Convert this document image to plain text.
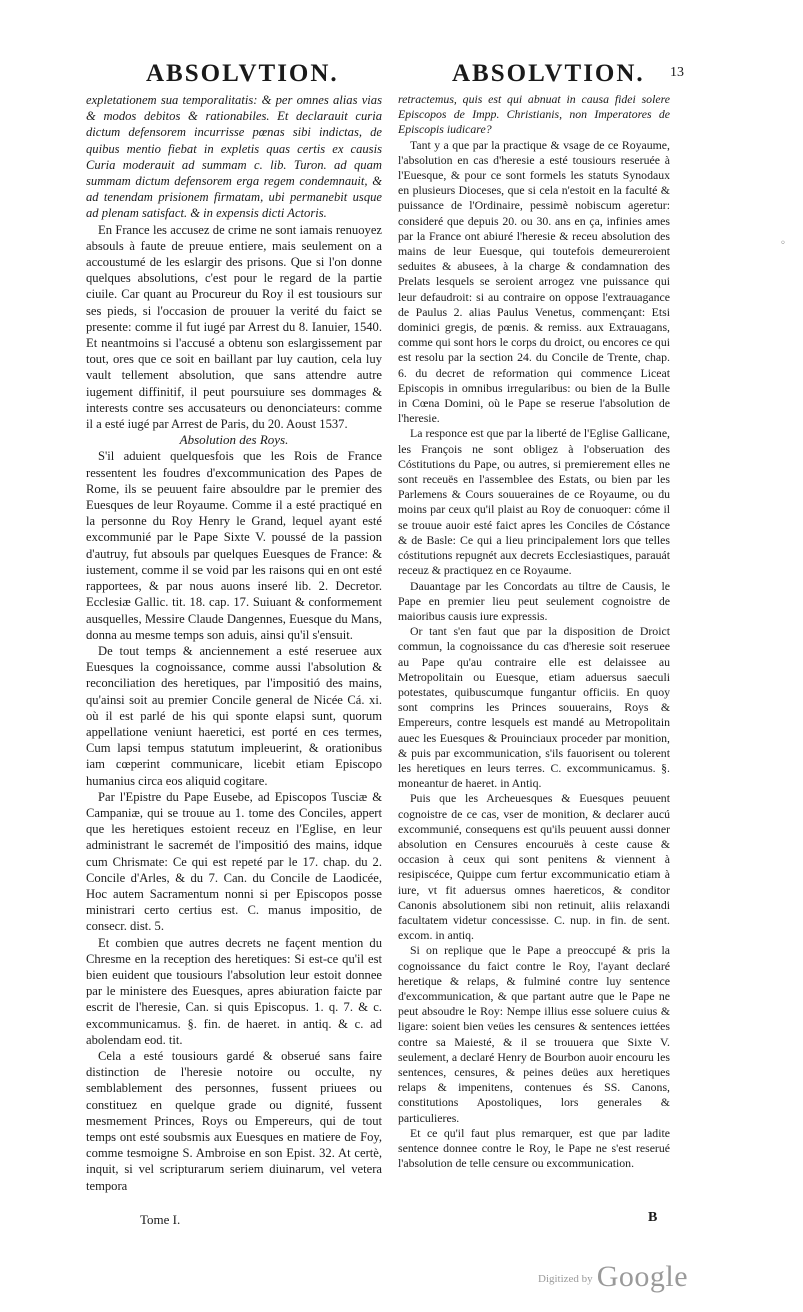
ABSOLVTION.	ABSOLVTION. 13

expletationem sua temporalitatis: & per omnes alias vias & modos debitos & rationabiles. Et declarauit curia dictum defensorem incurrisse pœnas sibi indictas, de quibus mentio fiebat in expletis quas certis ex causis Curia moderauit ad summam c. lib. Turon. ad quam summam dictum defensorem erga regem condemnauit, & ad tenendam prisionem firmatam, ubi permanebit usque ad plenam satisfact. & in expensis dicti Actoris.

En France les accusez de crime ne sont iamais renuoyez absouls à faute de preuue entiere, mais seulement on a accoustumé de les eslargir des prisons. Que si l'on donne quelques absolutions, c'est pour le regard de la partie ciuile. Car quant au Procureur du Roy il est tousiours sur ses pieds, si l'occasion de prouuer la verité du faict se presente: comme il fut iugé par Arrest du 8. Ianuier, 1540. Et neantmoins si l'accusé a obtenu son eslargissement par tout, ores que ce soit en baillant par luy caution, cela luy vault tellement absolution, que sans attendre autre iugement diffinitif, il peut poursuiure ses dommages & interests contre ses accusateurs ou denonciateurs: comme il a esté iugé par Arrest de Paris, du 20. Aoust 1537.

Absolution des Roys.

S'il aduient quelquesfois que les Rois de France ressentent les foudres d'excommunication des Papes de Rome, ils se peuuent faire absouldre par le premier des Euesques de leur Royaume. Comme il a esté practiqué en la personne du Roy Henry le Grand, lequel ayant esté excommunié par le Pape Sixte V. poussé de la passion d'autruy, fut absouls par quelques Euesques de France: & iustement, comme il se void par les raisons qui en ont esté rapportees, & par nous auons inseré lib. 2. Decretor. Ecclesiæ Gallic. tit. 18. cap. 17. Suiuant & conformement ausquelles, Messire Claude Dangennes, Euesque du Mans, donna au mesme temps son aduis, ainsi qu'il s'ensuit.

De tout temps & anciennement a esté reseruee aux Euesques la cognoissance, comme aussi l'absolution & reconciliation des heretiques, par l'impositió des mains, qu'ainsi soit au premier Concile general de Nicée Cá. xi. où il est parlé de his qui sponte elapsi sunt, quorum appellatione veniunt haeretici, est porté en ces termes, Cum lapsi tempus statutum impleuerint, & orationibus iam cœperint communicare, licebit etiam Episcopo humanius circa eos aliquid cogitare.

Par l'Epistre du Pape Eusebe, ad Episcopos Tusciæ & Campaniæ, qui se trouue au 1. tome des Conciles, appert que les heretiques estoient receuz en l'Eglise, en leur administrant le sacremét de l'impositió des mains, idque cum Chrismate: Ce qui est repeté par le 17. chap. du 2. Concile d'Arles, & du 7. Can. du Concile de Laodicée, Hoc autem Sacramentum nonni si per Episcopos posse ministrari certo certius est. C. manus impositio, de consecr. dist. 5.

Et combien que autres decrets ne façent mention du Chresme en la reception des heretiques: Si est-ce qu'il est bien euident que tousiours l'absolution leur estoit donnee par le ministere des Euesques, apres abiuration faicte par escrit de l'heresie, Can. si quis Episcopus. 1. q. 7. & c. excommunicamus. §. fin. de haeret. in antiq. & c. ad abolendam eod. tit.

Cela a esté tousiours gardé & obserué sans faire distinction de l'heresie notoire ou occulte, ny semblablement des personnes, fussent priuees ou constituez en quelque grade ou dignité, fussent mesmement Princes, Roys ou Empereurs, qui de tout temps ont esté soubsmis aux Euesques en matiere de Foy, comme tesmoigne S. Ambroise en son Epist. 32. At certè, inquit, si vel scripturarum seriem diuinarum, vel vetera tempora

retractemus, quis est qui abnuat in causa fidei solere Episcopos de Impp. Christianis, non Imperatores de Episcopis iudicare?

Tant y a que par la practique & vsage de ce Royaume, l'absolution en cas d'heresie a esté tousiours reseruée à l'Euesque, & pour ce sont formels les statuts Synodaux en plusieurs Dioceses, que si cela n'estoit en la faculté & puissance de l'Ordinaire, pessimè nobiscum ageretur: consideré que depuis 20. ou 30. ans en ça, infinies ames par la France ont abiuré l'heresie & receu absolution des mains de leur Euesque, qui toutefois demeureroient seduites & abusees, à la charge & condamnation des Prelats lesquels se seroient arrogez vne puissance qui leur defaudroit: si au contraire on oppose l'extrauagance de Paulus 2. alias Paulus Venetus, commençant: Etsi dominici gregis, de pœnis. & remiss. aux Extrauagans, comme qui sont hors le corps du droict, ou encores ce qui est resolu par la section 24. du Concile de Trente, chap. 6. du decret de reformation qui commence Liceat Episcopis in omnibus irregularibus: ou bien de la Bulle in Cœna Domini, où le Pape se reserue l'absolution de l'heresie.

La responce est que par la liberté de l'Eglise Gallicane, les François ne sont obligez à l'obseruation des Cóstitutions du Pape, ou autres, si premierement elles ne sont receuës en l'assemblee des Estats, ou bien par les Parlemens & Cours souueraines de ce Royaume, ou du moins par ceux qu'il plaist au Roy de conuoquer: cóme il se trouue auoir esté faict apres les Conciles de Cóstance & de Basle: Ce qui a lieu principalement lors que telles cóstitutions repugnét aux decrets Ecclesiastiques, parauát receuz & practiquez en ce Royaume.

Dauantage par les Concordats au tiltre de Causis, le Pape en premier lieu peut seulement cognoistre de maioribus causis iure expressis.

Or tant s'en faut que par la disposition de Droict commun, la cognoissance du cas d'heresie soit reseruee au Pape qu'au contraire elle est delaissee au Metropolitain ou Euesque, etiam aduersus saeculi potestates, quibuscumque fungantur officiis. En quoy sont comprins les Princes souuerains, Roys & Empereurs, contre lesquels est mandé au Metropolitain auec les Euesques & Prouinciaux proceder par monition, & puis par excommunication, s'ils fauorisent ou tolerent les heretiques en leurs terres. C. excommunicamus. §. moneantur de haeret. in Antiq.

Puis que les Archeuesques & Euesques peuuent cognoistre de ce cas, vser de monition, & declarer aucú excommunié, consequens est qu'ils peuuent aussi donner absolution en Censures encouruës à ceste cause & occasion à ceux qui sont penitens & viennent à resipiscéce, Quippe cum fertur excommunicatio etiam à iure, vt fit aduersus omnes haereticos, & conditor Canonis absolutionem sibi non retinuit, aliis relaxandi facultatem videtur concessisse. C. nup. in fin. de sent. excom. in antiq.

Si on replique que le Pape a preoccupé & pris la cognoissance du faict contre le Roy, l'ayant declaré heretique & relaps, & fulminé contre luy sentence d'excommunication, & que partant autre que le Pape ne peut absoudre le Roy: Nempe illius esse soluere cuius & ligare: soient bien veües les censures & sentences iettées contre sa Maiesté, & il se trouuera que Sixte V. seulement, a declaré Henry de Bourbon auoir encouru les sentences, censures, & peines deües aux heretiques relaps & impenitens, contenues és SS. Canons, constitutions Apostoliques, lors generales & particulieres.

Et ce qu'il faut plus remarquer, est que par ladite sentence donnee contre le Roy, le Pape ne s'est reserué l'absolution de telle censure ou excommunication.

◦
Tome I.	B
$^{Digitized by}$ Google
